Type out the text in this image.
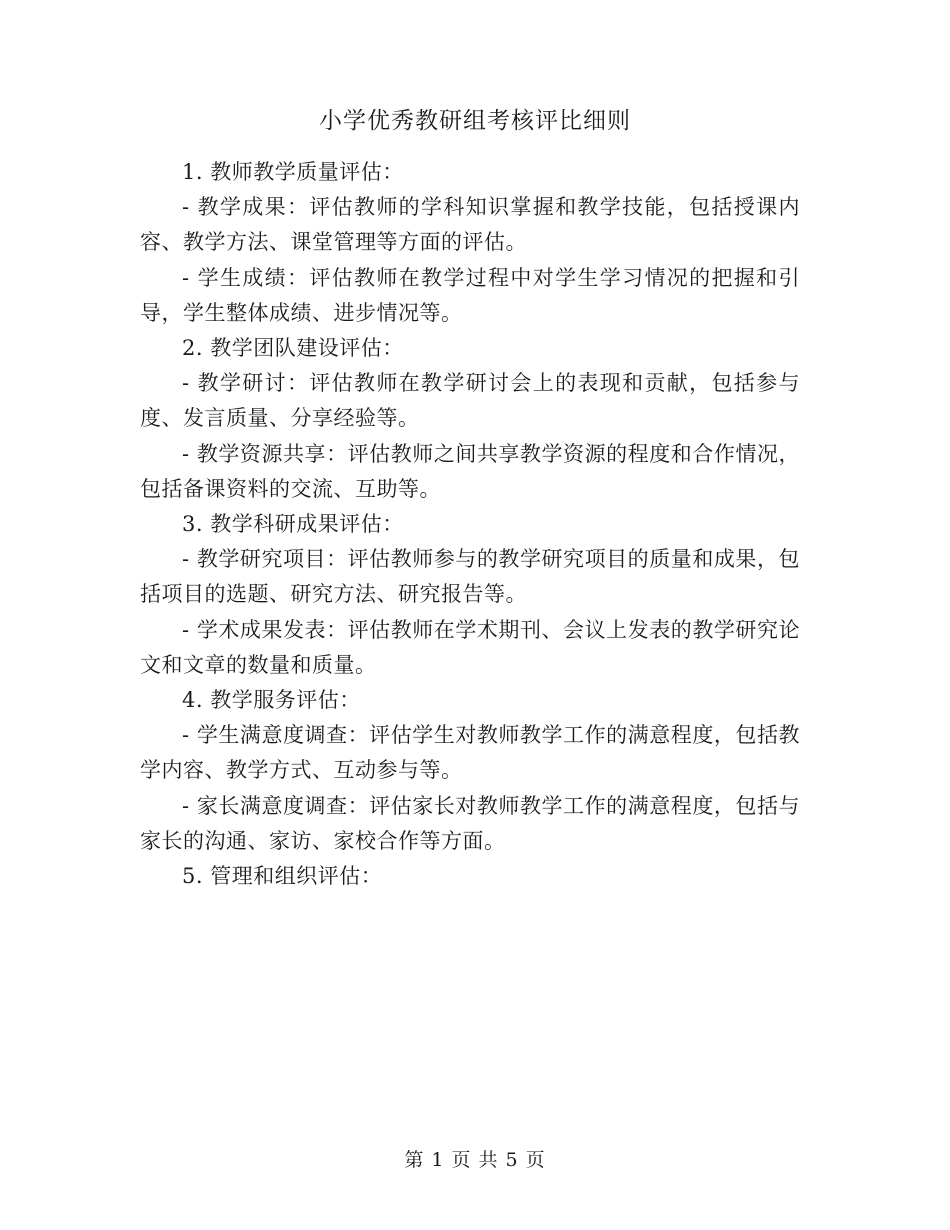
小学优秀教研组考核评比细则

1. 教师教学质量评估：

- 教学成果：评估教师的学科知识掌握和教学技能，包括授课内容、教学方法、课堂管理等方面的评估。

- 学生成绩：评估教师在教学过程中对学生学习情况的把握和引导，学生整体成绩、进步情况等。

2. 教学团队建设评估：

- 教学研讨：评估教师在教学研讨会上的表现和贡献，包括参与度、发言质量、分享经验等。

- 教学资源共享：评估教师之间共享教学资源的程度和合作情况，包括备课资料的交流、互助等。

3. 教学科研成果评估：

- 教学研究项目：评估教师参与的教学研究项目的质量和成果，包括项目的选题、研究方法、研究报告等。

- 学术成果发表：评估教师在学术期刊、会议上发表的教学研究论文和文章的数量和质量。

4. 教学服务评估：

- 学生满意度调查：评估学生对教师教学工作的满意程度，包括教学内容、教学方式、互动参与等。

- 家长满意度调查：评估家长对教师教学工作的满意程度，包括与家长的沟通、家访、家校合作等方面。

5. 管理和组织评估：

第 1 页 共 5 页
